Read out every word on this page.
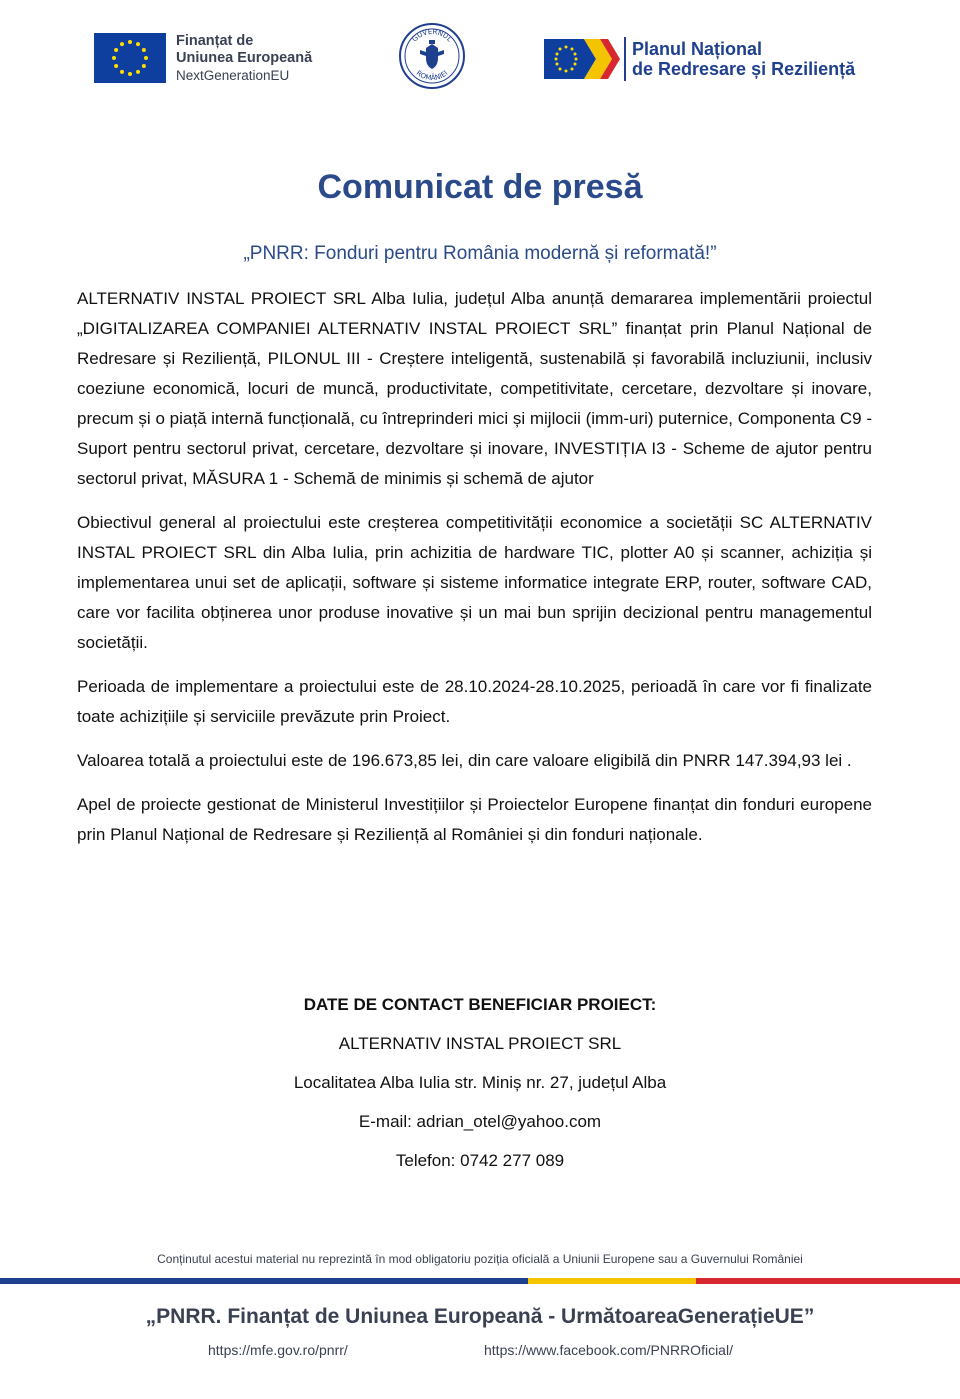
Finanțat de
Uniunea Europeană
NextGenerationEU
GUVERNUL
ROMÂNIEI
Planul Național
de Redresare și Reziliență
Comunicat de presă
„PNRR: Fonduri pentru România modernă și reformată!”

ALTERNATIV INSTAL PROIECT SRL Alba Iulia, județul Alba anunță demararea implementării proiectul „DIGITALIZAREA COMPANIEI ALTERNATIV INSTAL PROIECT SRL” finanțat prin Planul Național de Redresare și Reziliență, PILONUL III - Creștere inteligentă, sustenabilă și favorabilă incluziunii, inclusiv coeziune economică, locuri de muncă, productivitate, competitivitate, cercetare, dezvoltare și inovare, precum și o piață internă funcțională, cu întreprinderi mici și mijlocii (imm-uri) puternice, Componenta C9 - Suport pentru sectorul privat, cercetare, dezvoltare și inovare, INVESTIȚIA I3 - Scheme de ajutor pentru sectorul privat, MĂSURA 1 - Schemă de minimis și schemă de ajutor

Obiectivul general al proiectului este creșterea competitivității economice a societății SC ALTERNATIV INSTAL PROIECT SRL din Alba Iulia, prin achizitia de hardware TIC, plotter A0 și scanner, achiziția și implementarea unui set de aplicații, software și sisteme informatice integrate ERP, router, software CAD, care vor facilita obținerea unor produse inovative și un mai bun sprijin decizional pentru managementul societății.

Perioada de implementare a proiectului este de 28.10.2024-28.10.2025, perioadă în care vor fi finalizate toate achizițiile și serviciile prevăzute prin Proiect.

Valoarea totală a proiectului este de 196.673,85 lei, din care valoare eligibilă din PNRR 147.394,93 lei .

Apel de proiecte gestionat de Ministerul Investițiilor și Proiectelor Europene finanțat din fonduri europene prin Planul Național de Redresare și Reziliență al României și din fonduri naționale.

DATE DE CONTACT BENEFICIAR PROIECT:
ALTERNATIV INSTAL PROIECT SRL
Localitatea Alba Iulia str. Miniș nr. 27, județul Alba
E-mail: adrian_otel@yahoo.com
Telefon: 0742 277 089
Conținutul acestui material nu reprezintă în mod obligatoriu poziția oficială a Uniunii Europene sau a Guvernului României
„PNRR. Finanțat de Uniunea Europeană - UrmătoareaGenerațieUE”
https://mfe.gov.ro/pnrr/	https://www.facebook.com/PNRROficial/
